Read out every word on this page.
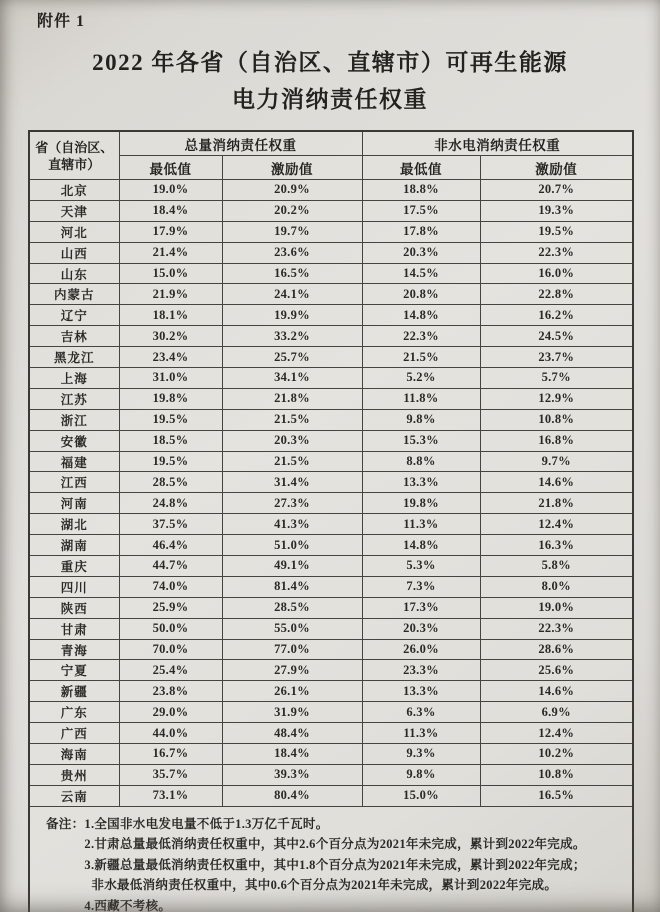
附件 1
2022 年各省（自治区、直辖市）可再生能源
电力消纳责任权重
省（自治区、
直辖市）	总量消纳责任权重		非水电消纳责任权重	
	最低值	激励值	最低值	激励值
北京	19.0%	20.9%	18.8%	20.7%
天津	18.4%	20.2%	17.5%	19.3%
河北	17.9%	19.7%	17.8%	19.5%
山西	21.4%	23.6%	20.3%	22.3%
山东	15.0%	16.5%	14.5%	16.0%
内蒙古	21.9%	24.1%	20.8%	22.8%
辽宁	18.1%	19.9%	14.8%	16.2%
吉林	30.2%	33.2%	22.3%	24.5%
黑龙江	23.4%	25.7%	21.5%	23.7%
上海	31.0%	34.1%	5.2%	5.7%
江苏	19.8%	21.8%	11.8%	12.9%
浙江	19.5%	21.5%	9.8%	10.8%
安徽	18.5%	20.3%	15.3%	16.8%
福建	19.5%	21.5%	8.8%	9.7%
江西	28.5%	31.4%	13.3%	14.6%
河南	24.8%	27.3%	19.8%	21.8%
湖北	37.5%	41.3%	11.3%	12.4%
湖南	46.4%	51.0%	14.8%	16.3%
重庆	44.7%	49.1%	5.3%	5.8%
四川	74.0%	81.4%	7.3%	8.0%
陕西	25.9%	28.5%	17.3%	19.0%
甘肃	50.0%	55.0%	20.3%	22.3%
青海	70.0%	77.0%	26.0%	28.6%
宁夏	25.4%	27.9%	23.3%	25.6%
新疆	23.8%	26.1%	13.3%	14.6%
广东	29.0%	31.9%	6.3%	6.9%
广西	44.0%	48.4%	11.3%	12.4%
海南	16.7%	18.4%	9.3%	10.2%
贵州	35.7%	39.3%	9.8%	10.8%
云南	73.1%	80.4%	15.0%	16.5%

备注： 1.全国非水电发电量不低于1.3万亿千瓦时。
2.甘肃总量最低消纳责任权重中，其中2.6个百分点为2021年未完成，累计到2022年完成。
3.新疆总量最低消纳责任权重中，其中1.8个百分点为2021年未完成，累计到2022年完成；
非水最低消纳责任权重中，其中0.6个百分点为2021年未完成，累计到2022年完成。
4.西藏不考核。
